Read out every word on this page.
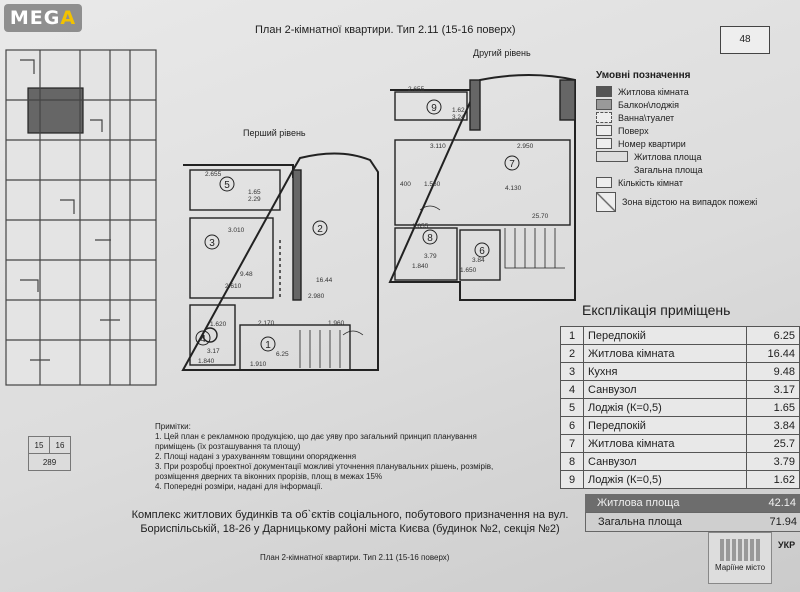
MEGA
План 2-кімнатної квартири. Тип 2.11 (15-16 поверх)
48
Другий рівень
Перший рівень
5
2
3
4
1
9
7
8
6
2.655
1.65
2.29
3.010
9.48
2.610
16.44
2.980
2.170	1.960
1.620
3.17
1.840
6.25
1.910
2.655
1.62
3.24
3.110	2.950
400 1.560
4.130
25.70
1.655
3.79
1.840
3.84
1.650
Умовні позначення
Житлова кімната
Балкон\лоджія
Ванна\туалет
Поверх
Номер квартири
Житлова площа
Загальна площа
Кількість кімнат
Зона відстою на випадок пожежі
Примітки:
1. Цей план є рекламною продукцією, що дає уяву про загальний принцип планування приміщень (їх розташування та площу)
2. Площі надані з урахуванням товщини опорядження
3. При розробці проектної документації можливі уточнення планувальних рішень, розмірів, розміщення дверних та віконних прорізів, площ в межах 15%
4. Попередні розміри, надані для інформації.
15	16
289
Експлікація приміщень
1	Передпокій	6.25
2	Житлова кімната	16.44
3	Кухня	9.48
4	Санвузол	3.17
5	Лоджія (К=0,5)	1.65
6	Передпокій	3.84
7	Житлова кімната	25.7
8	Санвузол	3.79
9	Лоджія (К=0,5)	1.62
Житлова площа	42.14
Загальна площа	71.94
Комплекс житлових будинків та об`єктів соціального, побутового призначення на вул.
Бориспільській, 18-26 у Дарницькому районі міста Києва (будинок №2, секція №2)
План 2-кімнатної квартири. Тип 2.11 (15-16 поверх)
Маріїне місто
УКР
